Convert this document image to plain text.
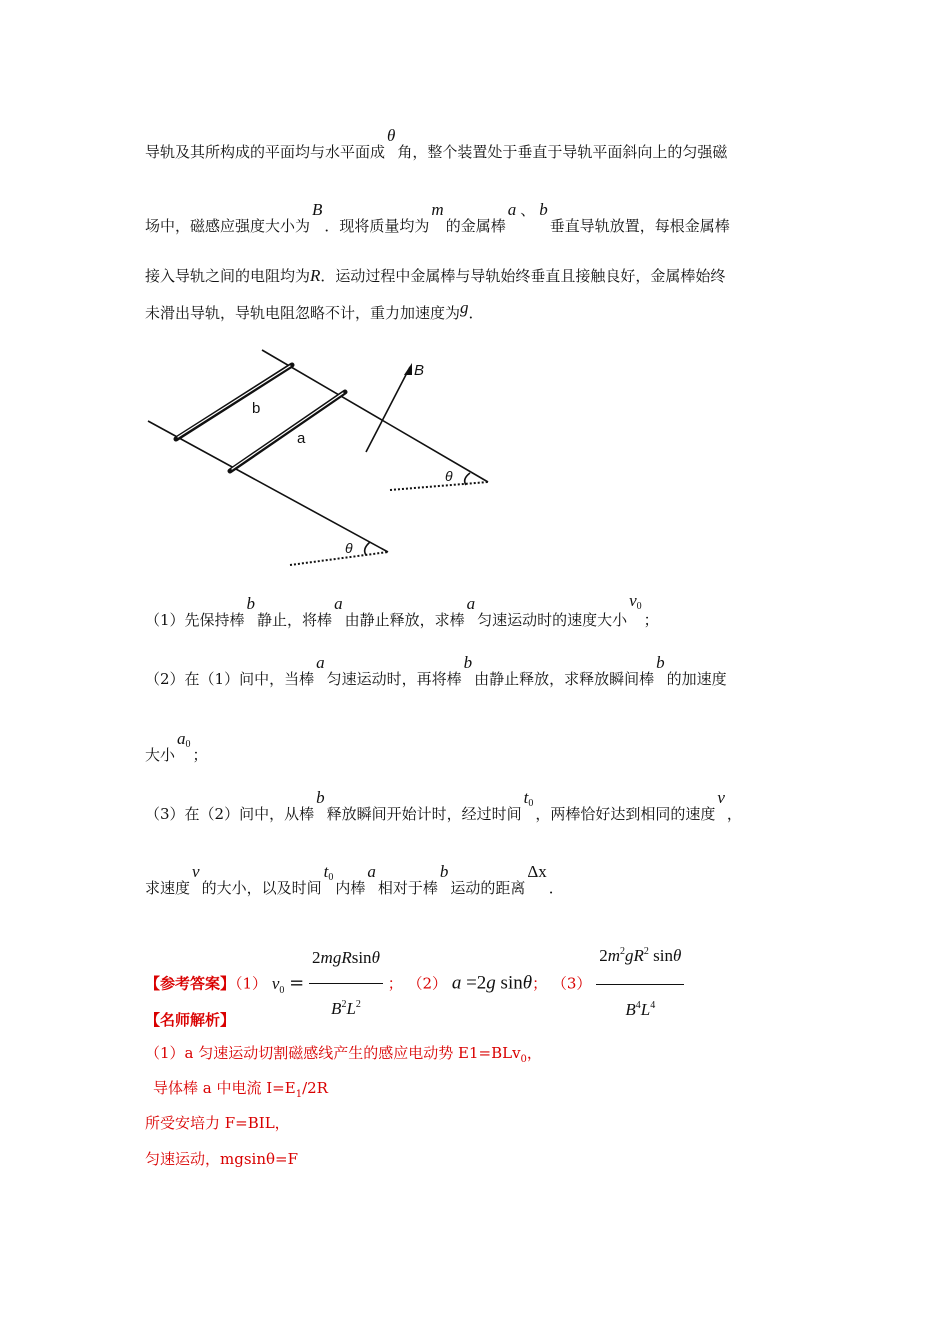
导轨及其所构成的平面均与水平面成θ角，整个装置处于垂直于导轨平面斜向上的匀强磁
场中，磁感应强度大小为B．现将质量均为m的金属棒a 、 b垂直导轨放置，每根金属棒
接入导轨之间的电阻均为R．运动过程中金属棒与导轨始终垂直且接触良好，金属棒始终
未滑出导轨，导轨电阻忽略不计，重力加速度为g．
b
a
B
θ
θ
（1）先保持棒b静止，将棒a由静止释放，求棒a匀速运动时的速度大小v0；
（2）在（1）问中，当棒a匀速运动时，再将棒b由静止释放，求释放瞬间棒b的加速度
大小a0；
（3）在（2）问中，从棒b释放瞬间开始计时，经过时间t0，两棒恰好达到相同的速度v，
求速度v的大小，以及时间t0内棒a相对于棒b运动的距离Δx．
【参考答案】（1） $v_0 = \frac{\text{2mgRsinθ}}{B^2L^2}$ ； （2） a =2g sinθ； $(3) \frac{2m^2gR^2 \sin\theta}{B^4L^4}$
【名师解析】
（1）a 匀速运动切割磁感线产生的感应电动势 E1=BLv$_0$，
导体棒 a 中电流 $I=E_1/2R$
所受安培力 F=BIL，
匀速运动，mgsinθ=F
